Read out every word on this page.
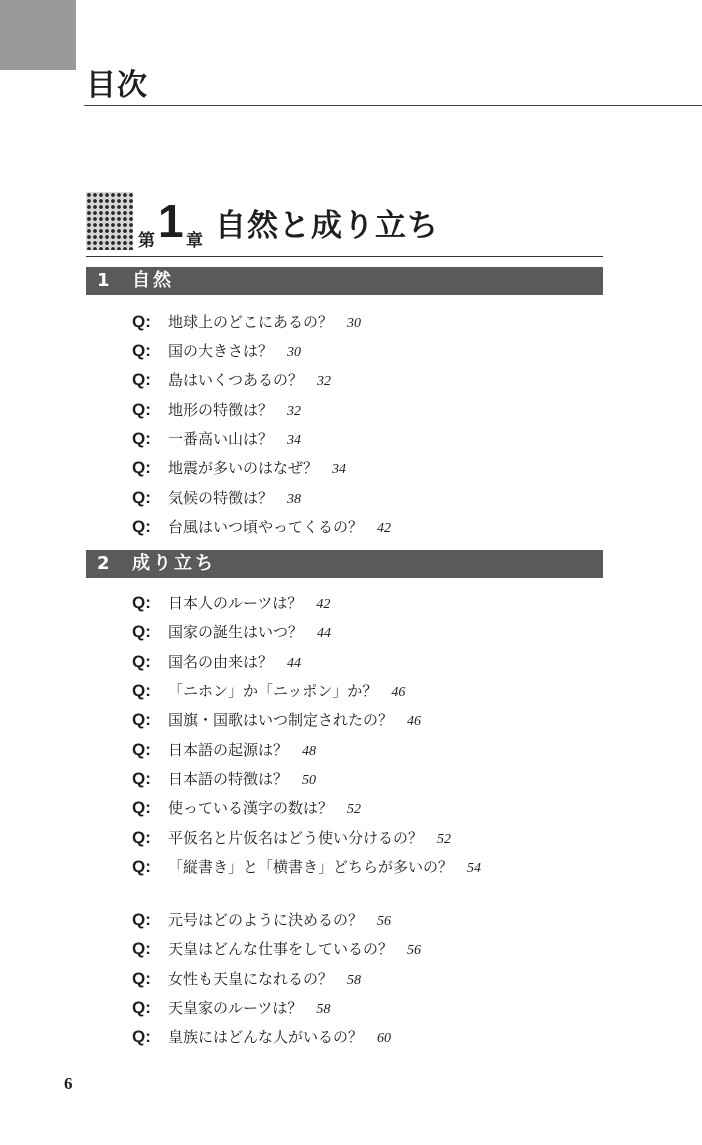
目次
第 1 章 自然と成り立ち
1 自然
Q: 地球上のどこにあるの？ 30
Q: 国の大きさは？ 30
Q: 島はいくつあるの？ 32
Q: 地形の特徴は？ 32
Q: 一番高い山は？ 34
Q: 地震が多いのはなぜ？ 34
Q: 気候の特徴は？ 38
Q: 台風はいつ頃やってくるの？ 42
2 成り立ち
Q: 日本人のルーツは？ 42
Q: 国家の誕生はいつ？ 44
Q: 国名の由来は？ 44
Q: 「ニホン」か「ニッポン」か？ 46
Q: 国旗・国歌はいつ制定されたの？ 46
Q: 日本語の起源は？ 48
Q: 日本語の特徴は？ 50
Q: 使っている漢字の数は？ 52
Q: 平仮名と片仮名はどう使い分けるの？ 52
Q: 「縦書き」と「横書き」どちらが多いの？ 54
Q: 元号はどのように決めるの？ 56
Q: 天皇はどんな仕事をしているの？ 56
Q: 女性も天皇になれるの？ 58
Q: 天皇家のルーツは？ 58
Q: 皇族にはどんな人がいるの？ 60
6
